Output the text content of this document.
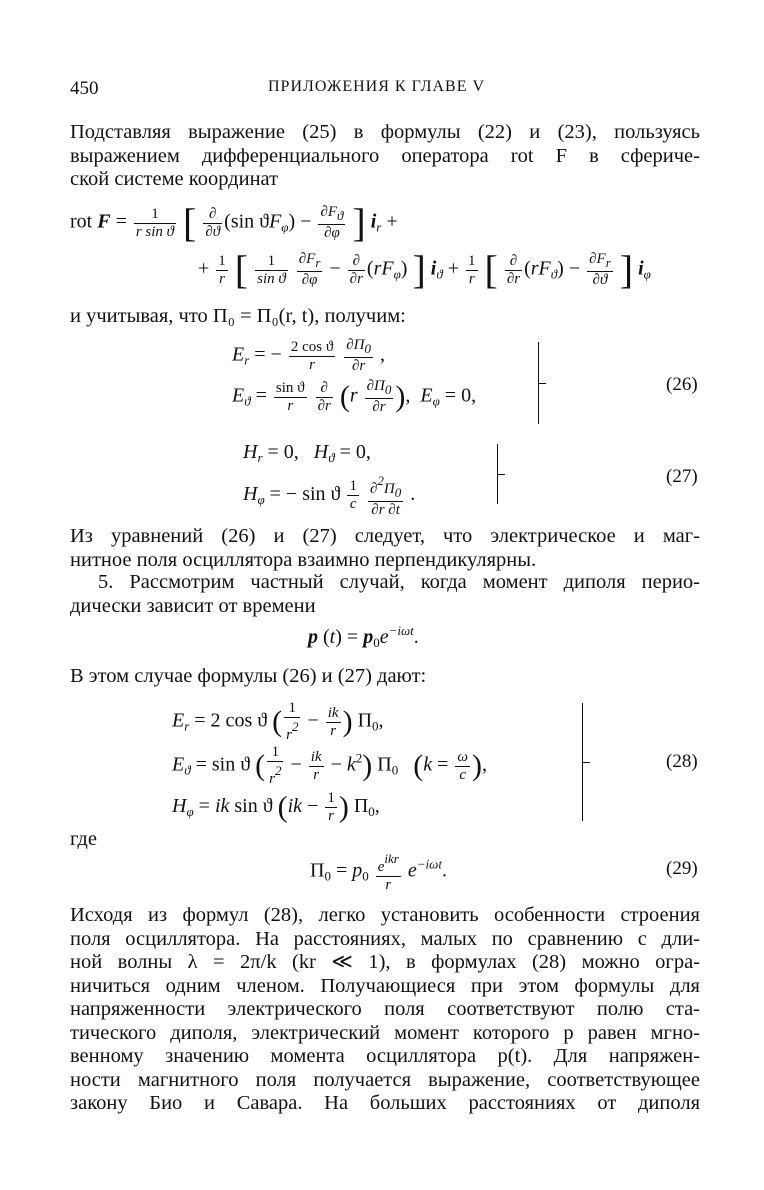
450	ПРИЛОЖЕНИЯ К ГЛАВЕ V
Подставляя выражение (25) в формулы (22) и (23), пользуясь
выражением дифференциального оператора rot F в сфериче-
ской системе координат
rot $F = \frac{1}{\text{r sin ϑ}}$ [ $\frac{\partial}{\partial ϑ} (\sin$ $ϑF_\varphi) - \frac{\partial Fϑ}{\partial\varphi}$ ] $i_r$ +
+ $\frac{1}{r}$ [ $\frac{1}{\text{sin ϑ}}$
$\frac{\partial Fr}{\partial\varphi} - \frac{\partial}{\partial r} (rF_\varphi)$ ] $i_ϑ + \frac{1}{r}$ [ $\frac{\partial}{\partial r} (rF_ϑ) - \frac{\partial Fr}{\partial ϑ}$ ] $i_\varphi$
и учитывая, что Π₀ = Π₀(r, t), получим:
$E_r$ = − $\frac{\text{2 cos ϑ}}{r}$
$\frac{\partial\Pi 0}{\partial r}$ ,
$E_ϑ = \frac{\text{sin ϑ}}{r}$
$\frac{\partial}{\partial r} (r \frac{\partial\Pi 0}{\partial r}$ ),  $E_\varphi = 0$,
(26)
$H_r = 0$,   $H_ϑ = 0$,
$H_\varphi$ = − sin ϑ $\frac{1}{c}$
$\frac{\partial 2\Pi 0}{\partial r \partial t}$ .
(27)
Из уравнений (26) и (27) следует, что электрическое и маг-
нитное поля осциллятора взаимно перпендикулярны.
5. Рассмотрим частный случай, когда момент диполя перио-
дически зависит от времени
p $(t) = p_0e^{-i\omega t}$.
В этом случае формулы (26) и (27) дают:
$E_r = 2$ cos ϑ ( $\frac{1}{r2} - \frac{ik}{r}$ ) $\Pi_0$,
$E_ϑ = \sin ϑ$ ( $\frac{1}{r2} - \frac{ik}{r} - k^2$) $\Pi_0$ ($k = \frac{\omega}{c}$ ),
$H_\varphi$ = ik sin ϑ ($ik - \frac{1}{r}$ ) $\Pi_0$,
(28)
где
$\Pi_0 = p_0 \frac{\text{eikr}}{r} e^{-i\omega t}$.	(29)
Исходя из формул (28), легко установить особенности строения
поля осциллятора. На расстояниях, малых по сравнению с дли-
ной волны λ = 2π/k (kr ≪ 1), в формулах (28) можно огра-
ничиться одним членом. Получающиеся при этом формулы для
напряженности электрического поля соответствуют полю ста-
тического диполя, электрический момент которого p равен мгно-
венному значению момента осциллятора p(t). Для напряжен-
ности магнитного поля получается выражение, соответствующее
закону Био и Савара. На больших расстояниях от диполя
